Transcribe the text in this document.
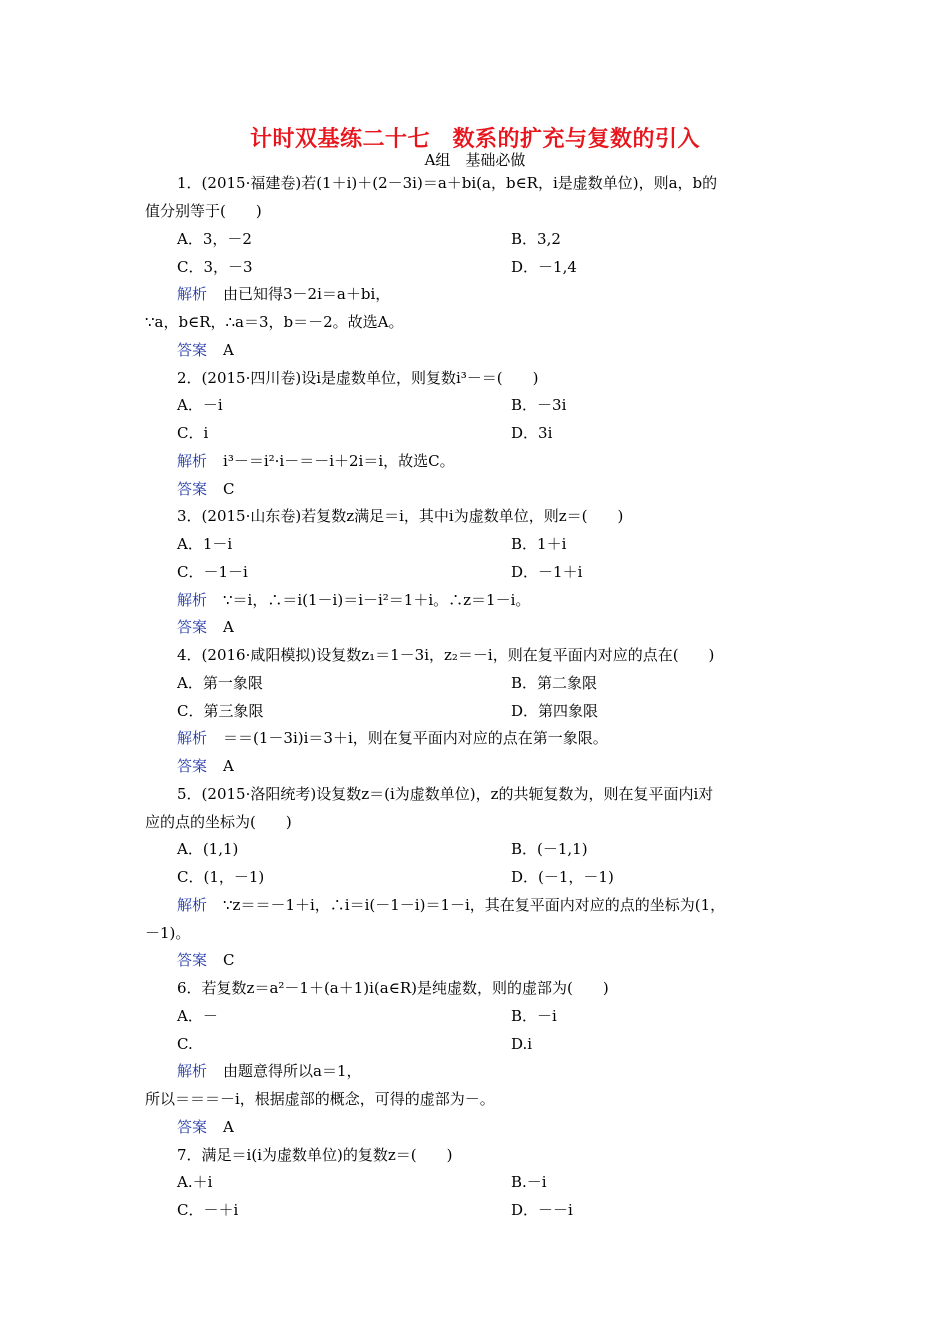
计时双基练二十七　数系的扩充与复数的引入
A组　基础必做
1．(2015·福建卷)若(1＋i)＋(2－3i)＝a＋bi(a，b∈R，i是虚数单位)，则a，b的
值分别等于(　　)
A．3，－2	B．3,2
C．3，－3	D．－1,4
解析 由已知得3－2i＝a＋bi，
∵a，b∈R，∴a＝3，b＝－2。故选A。
答案 A
2．(2015·四川卷)设i是虚数单位，则复数i³－＝(　　)
A．－i	B．－3i
C．i	D．3i
解析 i³－＝i²·i－＝－i＋2i＝i，故选C。
答案 C
3．(2015·山东卷)若复数z满足＝i，其中i为虚数单位，则z＝(　　)
A．1－i	B．1＋i
C．－1－i	D．－1＋i
解析 ∵＝i，∴＝i(1－i)＝i－i²＝1＋i。∴z＝1－i。
答案 A
4．(2016·咸阳模拟)设复数z₁＝1－3i，z₂＝－i，则在复平面内对应的点在(　　)
A．第一象限	B．第二象限
C．第三象限	D．第四象限
解析 ＝＝(1－3i)i＝3＋i，则在复平面内对应的点在第一象限。
答案 A
5．(2015·洛阳统考)设复数z＝(i为虚数单位)，z的共轭复数为，则在复平面内i对
应的点的坐标为(　　)
A．(1,1)	B．(－1,1)
C．(1，－1)	D．(－1，－1)
解析 ∵z＝＝－1＋i，∴i＝i(－1－i)＝1－i，其在复平面内对应的点的坐标为(1，
－1)。
答案 C
6．若复数z＝a²－1＋(a＋1)i(a∈R)是纯虚数，则的虚部为(　　)
A．－	B．－i
C.	D.i
解析 由题意得所以a＝1，
所以＝＝＝－i，根据虚部的概念，可得的虚部为－。
答案 A
7．满足＝i(i为虚数单位)的复数z＝(　　)
A.＋i	B.－i
C．－＋i	D．－－i
